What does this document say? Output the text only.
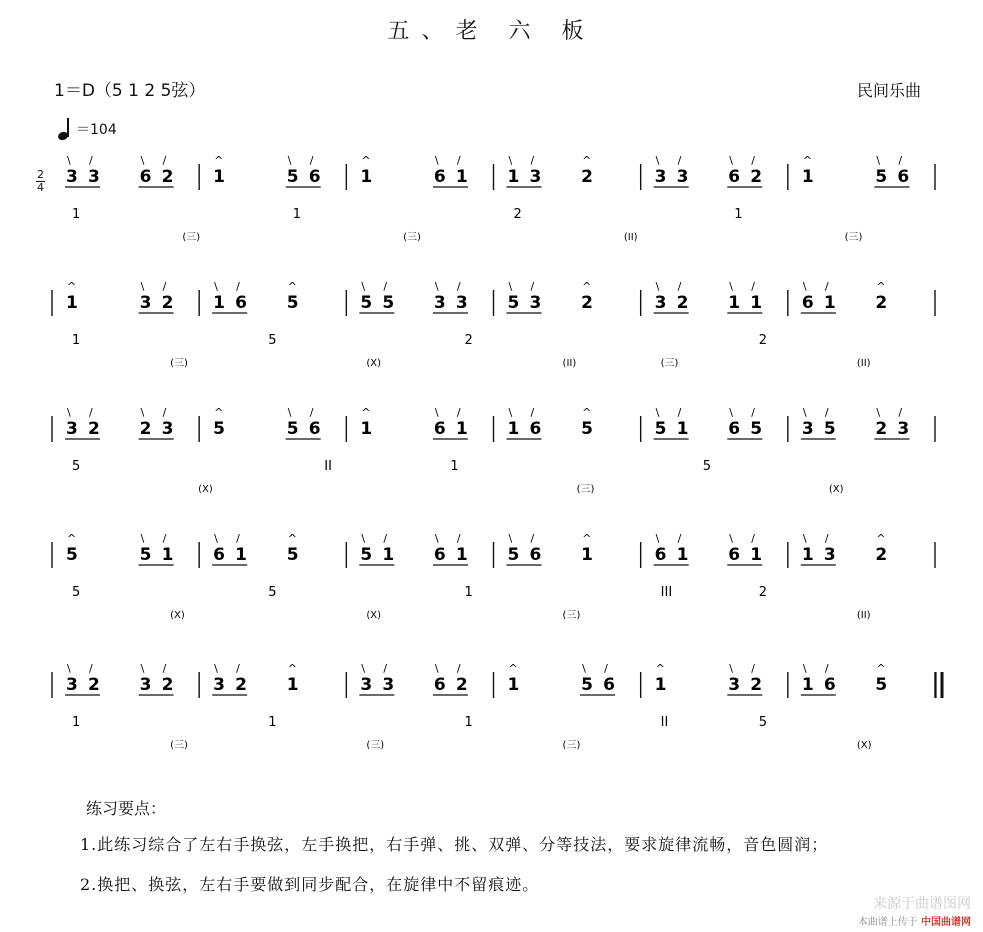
五、老 六 板
1＝D（5 1 2 5弦）	民间乐曲
＝104
2
4
3
\
3
/
6
\
2
/
1
^
5
\
6
/
1
^
6
\
1
/
1
\
3
/
2
^
3
\
3
/
6
\
2
/
1
^
5
\
6
/
1
(三)
1
(三)
2
(II)
1
(三)
1
^
3
\
2
/
1
\
6
/
5
^
5
\
5
/
3
\
3
/
5
\
3
/
2
^
3
\
2
/
1
\
1
/
6
\
1
/
2
^
1
(三)
5
(X)
2
(II)	(三)
2
(II)
3
\
2
/
2
\
3
/
5
^
5
\
6
/
1
^
6
\
1
/
1
\
6
/
5
^
5
\
1
/
6
\
5
/
3
\
5
/
2
\
3
/
5
(X)
II	1
(三)
5
(X)
5
^
5
\
1
/
6
\
1
/
5
^
5
\
1
/
6
\
1
/
5
\
6
/
1
^
6
\
1
/
6
\
1
/
1
\
3
/
2
^
5
(X)
5
(X)
1
(三)
III	2
(II)
3
\
2
/
3
\
2
/
3
\
2
/
1
^
3
\
3
/
6
\
2
/
1
^
5
\
6
/
1
^
3
\
2
/
1
\
6
/
5
^
1
(三)
1
(三)
1
(三)
II	5
(X)
练习要点：
1.此练习综合了左右手换弦，左手换把，右手弹、挑、双弹、分等技法，要求旋律流畅，音色圆润；
2.换把、换弦，左右手要做到同步配合，在旋律中不留痕迹。
来源于曲谱图网
本曲谱上传于 中国曲谱网
